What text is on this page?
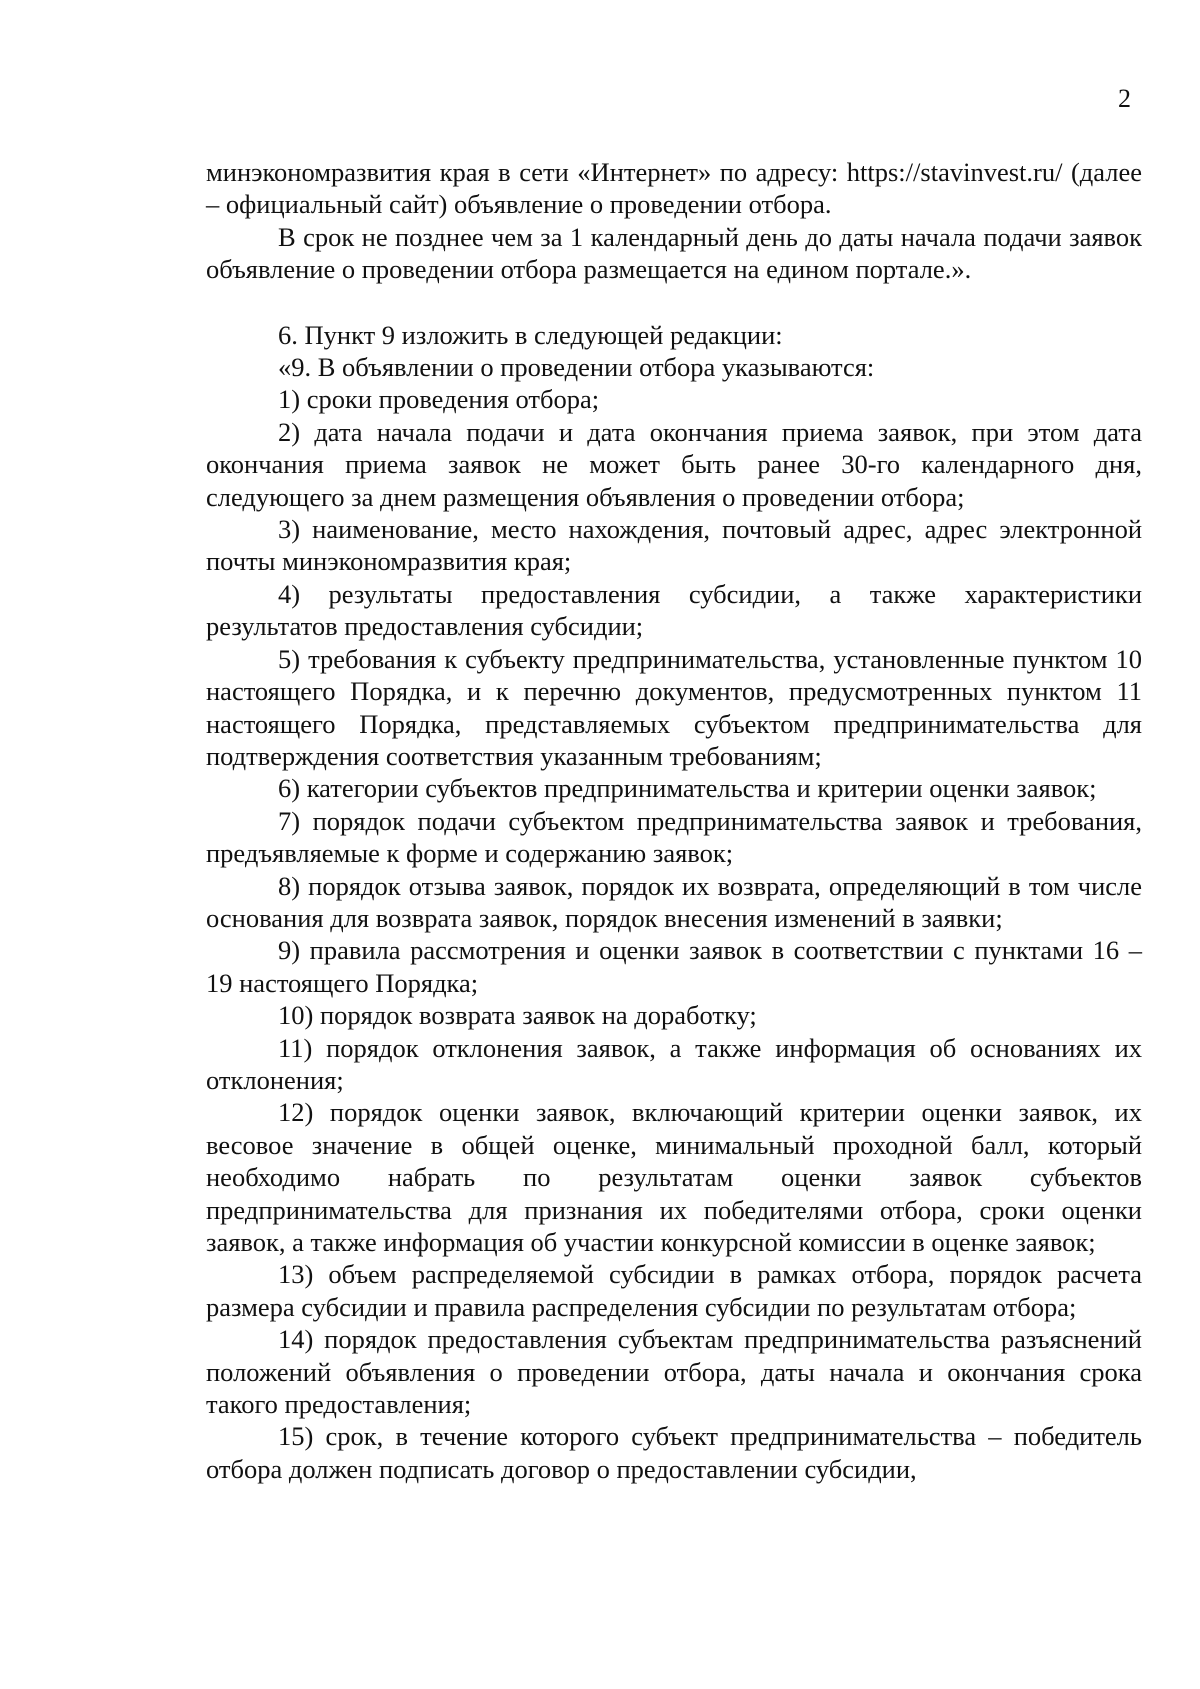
2

минэкономразвития края в сети «Интернет» по адресу: https://stavinvest.ru/ (далее – официальный сайт) объявление о проведении отбора.

В срок не позднее чем за 1 календарный день до даты начала подачи заявок объявление о проведении отбора размещается на едином портале.».

6. Пункт 9 изложить в следующей редакции:

«9. В объявлении о проведении отбора указываются:

1) сроки проведения отбора;

2) дата начала подачи и дата окончания приема заявок, при этом дата окончания приема заявок не может быть ранее 30-го календарного дня, следующего за днем размещения объявления о проведении отбора;

3) наименование, место нахождения, почтовый адрес, адрес электронной почты минэкономразвития края;

4) результаты предоставления субсидии, а также характеристики результатов предоставления субсидии;

5) требования к субъекту предпринимательства, установленные пунктом 10 настоящего Порядка, и к перечню документов, предусмотренных пунктом 11 настоящего Порядка, представляемых субъектом предпринимательства для подтверждения соответствия указанным требованиям;

6) категории субъектов предпринимательства и критерии оценки заявок;

7) порядок подачи субъектом предпринимательства заявок и требования, предъявляемые к форме и содержанию заявок;

8) порядок отзыва заявок, порядок их возврата, определяющий в том числе основания для возврата заявок, порядок внесения изменений в заявки;

9) правила рассмотрения и оценки заявок в соответствии с пунктами 16 – 19 настоящего Порядка;

10) порядок возврата заявок на доработку;

11) порядок отклонения заявок, а также информация об основаниях их отклонения;

12) порядок оценки заявок, включающий критерии оценки заявок, их весовое значение в общей оценке, минимальный проходной балл, который необходимо набрать по результатам оценки заявок субъектов предпринимательства для признания их победителями отбора, сроки оценки заявок, а также информация об участии конкурсной комиссии в оценке заявок;

13) объем распределяемой субсидии в рамках отбора, порядок расчета размера субсидии и правила распределения субсидии по результатам отбора;

14) порядок предоставления субъектам предпринимательства разъяснений положений объявления о проведении отбора, даты начала и окончания срока такого предоставления;

15) срок, в течение которого субъект предпринимательства – победитель отбора должен подписать договор о предоставлении субсидии,
